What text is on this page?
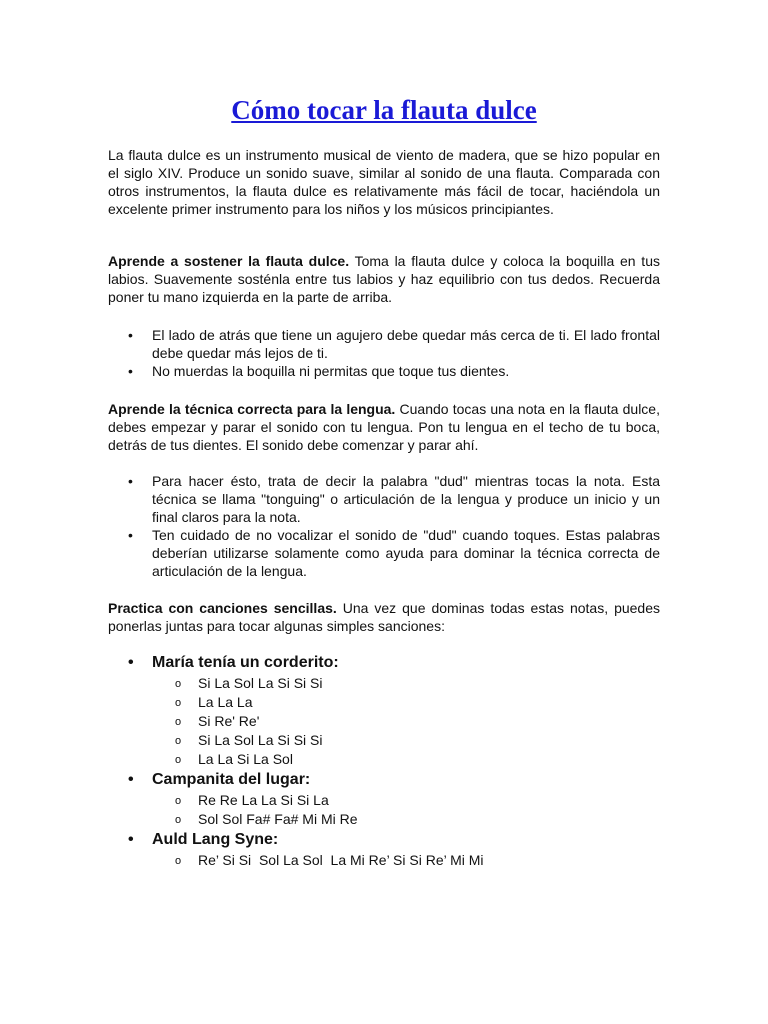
Cómo tocar la flauta dulce

La flauta dulce es un instrumento musical de viento de madera, que se hizo popular en el siglo XIV. Produce un sonido suave, similar al sonido de una flauta. Comparada con otros instrumentos, la flauta dulce es relativamente más fácil de tocar, haciéndola un excelente primer instrumento para los niños y los músicos principiantes.

Aprende a sostener la flauta dulce. Toma la flauta dulce y coloca la boquilla en tus labios. Suavemente sosténla entre tus labios y haz equilibrio con tus dedos. Recuerda poner tu mano izquierda en la parte de arriba.

• El lado de atrás que tiene un agujero debe quedar más cerca de ti. El lado frontal debe quedar más lejos de ti.
• No muerdas la boquilla ni permitas que toque tus dientes.

Aprende la técnica correcta para la lengua. Cuando tocas una nota en la flauta dulce, debes empezar y parar el sonido con tu lengua. Pon tu lengua en el techo de tu boca, detrás de tus dientes. El sonido debe comenzar y parar ahí.

• Para hacer ésto, trata de decir la palabra "dud" mientras tocas la nota. Esta técnica se llama "tonguing" o articulación de la lengua y produce un inicio y un final claros para la nota.
• Ten cuidado de no vocalizar el sonido de "dud" cuando toques. Estas palabras deberían utilizarse solamente como ayuda para dominar la técnica correcta de articulación de la lengua.

Practica con canciones sencillas. Una vez que dominas todas estas notas, puedes ponerlas juntas para tocar algunas simples sanciones:

• María tenía un corderito:
o Si La Sol La Si Si Si
o La La La
o Si Re' Re'
o Si La Sol La Si Si Si
o La La Si La Sol
• Campanita del lugar:
o Re Re La La Si Si La
o Sol Sol Fa# Fa# Mi Mi Re
• Auld Lang Syne:
o Re’ Si Si  Sol La Sol  La Mi Re’ Si Si Re’ Mi Mi
